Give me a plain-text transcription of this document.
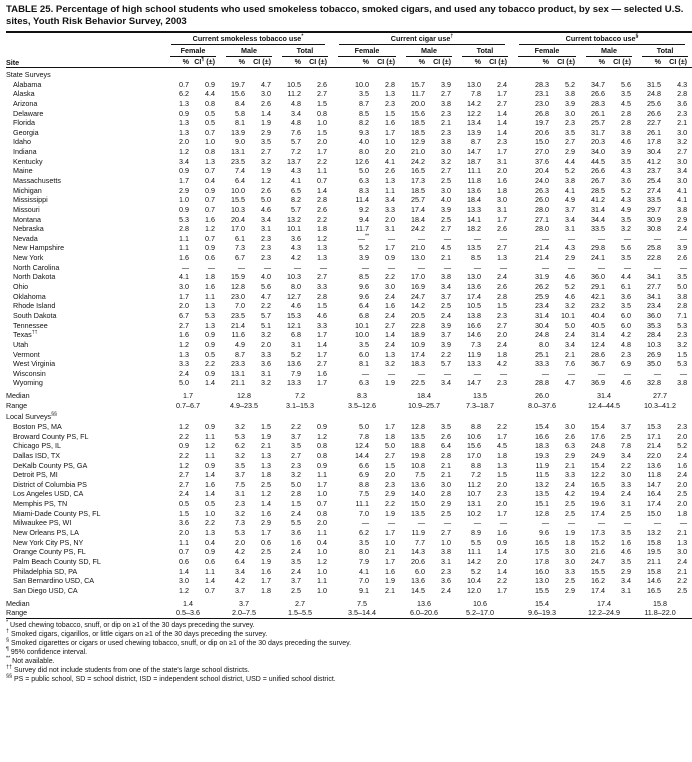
TABLE 25. Percentage of high school students who used smokeless tobacco, smoked cigars, and used any tobacco product, by sex — selected U.S. sites, Youth Risk Behavior Survey, 2003
Site	Current smokeless tobacco use*						Current cigar use†						Current tobacco use§

	Female		Male		Total		Female		Male		Total		Female		Male		Total	

	%	CI¶ (±)	%	CI (±)	%	CI (±)	%	CI (±)	%	CI (±)	%	CI (±)	%	CI (±)	%	CI (±)	%	CI (±)
State Surveys																		
Alabama	0.7	0.9	19.7	4.7	10.5	2.6	10.0	2.8	15.7	3.9	13.0	2.4	28.3	5.2	34.7	5.6	31.5	4.3
Alaska	6.2	4.4	15.6	3.0	11.2	2.7	3.5	1.3	11.7	2.7	7.8	1.7	23.1	3.8	26.6	3.5	24.8	2.8
Arizona	1.3	0.8	8.4	2.6	4.8	1.5	8.7	2.3	20.0	3.8	14.2	2.7	23.0	3.9	28.3	4.5	25.6	3.6
Delaware	0.9	0.5	5.8	1.4	3.4	0.8	8.5	1.5	15.6	2.3	12.2	1.4	26.8	3.0	26.1	2.8	26.6	2.3
Florida	1.3	0.5	8.1	1.9	4.8	1.0	8.2	1.6	18.5	2.1	13.4	1.4	19.7	2.3	25.7	2.8	22.7	2.1
Georgia	1.3	0.7	13.9	2.9	7.6	1.5	9.3	1.7	18.5	2.3	13.9	1.4	20.6	3.5	31.7	3.8	26.1	3.0
Idaho	2.0	1.0	9.0	3.5	5.7	2.0	4.0	1.0	12.9	3.8	8.7	2.3	15.0	2.7	20.3	4.6	17.8	3.2
Indiana	1.2	0.8	13.1	2.7	7.2	1.7	8.0	2.0	21.0	3.0	14.7	1.7	27.0	2.9	34.0	3.9	30.4	2.7
Kentucky	3.4	1.3	23.5	3.2	13.7	2.2	12.6	4.1	24.2	3.2	18.7	3.1	37.6	4.4	44.5	3.5	41.2	3.0
Maine	0.9	0.7	7.4	1.9	4.3	1.1	5.0	2.6	16.5	2.7	11.1	2.0	20.4	5.2	26.6	4.3	23.7	3.4
Massachusetts	1.7	0.4	6.4	1.2	4.1	0.7	6.3	1.3	17.3	2.5	11.8	1.6	24.0	3.8	26.7	3.6	25.4	3.0
Michigan	2.9	0.9	10.0	2.6	6.5	1.4	8.3	1.1	18.5	3.0	13.6	1.8	26.3	4.1	28.5	5.2	27.4	4.1
Mississippi	1.0	0.7	15.5	5.0	8.2	2.8	11.4	3.4	25.7	4.0	18.4	3.0	26.0	4.9	41.2	4.3	33.5	4.1
Missouri	0.9	0.7	10.3	4.6	5.7	2.6	9.2	3.3	17.4	3.9	13.3	3.1	28.0	3.7	31.4	4.9	29.7	3.8
Montana	5.3	1.6	20.4	3.4	13.2	2.2	9.4	2.0	18.4	2.5	14.1	1.7	27.1	3.4	34.4	3.5	30.9	2.9
Nebraska	2.8	1.2	17.0	3.1	10.1	1.8	11.7	3.1	24.2	2.7	18.2	2.6	28.0	3.1	33.5	3.2	30.8	2.4
Nevada	1.1	0.7	6.1	2.3	3.6	1.2	—**	—	—	—	—	—	—	—	—	—	—	—
New Hampshire	1.1	0.9	7.3	2.3	4.3	1.3	5.2	1.7	21.0	4.5	13.5	2.7	21.4	4.3	29.8	5.6	25.8	3.9
New York	1.6	0.6	6.7	2.3	4.2	1.3	3.9	0.9	13.0	2.1	8.5	1.3	21.4	2.9	24.1	3.5	22.8	2.6
North Carolina	—	—	—	—	—	—	—	—	—	—	—	—	—	—	—	—	—	—
North Dakota	4.1	1.8	15.9	4.0	10.3	2.7	8.5	2.2	17.0	3.8	13.0	2.4	31.9	4.6	36.0	4.4	34.1	3.5
Ohio	3.0	1.6	12.8	5.6	8.0	3.3	9.6	3.0	16.9	3.4	13.6	2.6	26.2	5.2	29.1	6.1	27.7	5.0
Oklahoma	1.7	1.1	23.0	4.7	12.7	2.8	9.6	2.4	24.7	3.7	17.4	2.8	25.9	4.6	42.1	3.6	34.1	3.8
Rhode Island	2.0	1.3	7.0	2.2	4.6	1.5	6.4	1.6	14.2	2.5	10.5	1.5	23.4	3.2	23.2	3.5	23.4	2.8
South Dakota	6.7	5.3	23.5	5.7	15.3	4.6	6.8	2.4	20.5	2.4	13.8	2.3	31.4	10.1	40.4	6.0	36.0	7.1
Tennessee	2.7	1.3	21.4	5.1	12.1	3.3	10.1	2.7	22.8	3.9	16.6	2.7	30.4	5.0	40.5	6.0	35.3	5.3
Texas††	1.6	0.9	11.6	3.2	6.8	1.7	10.0	1.4	18.9	3.7	14.6	2.0	24.8	2.4	31.4	4.2	28.4	2.3
Utah	1.2	0.9	4.9	2.0	3.1	1.4	3.5	2.4	10.9	3.9	7.3	2.4	8.0	3.4	12.4	4.8	10.3	3.2
Vermont	1.3	0.5	8.7	3.3	5.2	1.7	6.0	1.3	17.4	2.2	11.9	1.8	25.1	2.1	28.6	2.3	26.9	1.5
West Virginia	3.3	2.2	23.3	3.6	13.6	2.7	8.1	3.2	18.3	5.7	13.3	4.2	33.3	7.6	36.7	6.9	35.0	5.3
Wisconsin	2.4	0.9	13.1	3.1	7.9	1.6	—	—	—	—	—	—	—	—	—	—	—	—
Wyoming	5.0	1.4	21.1	3.2	13.3	1.7	6.3	1.9	22.5	3.4	14.7	2.3	28.8	4.7	36.9	4.6	32.8	3.8
Median	1.7		12.8		7.2		8.3		18.4		13.5		26.0		31.4		27.7	
Range	0.7–6.7		4.9–23.5		3.1–15.3		3.5–12.6		10.9–25.7		7.3–18.7		8.0–37.6		12.4–44.5		10.3–41.2	
Local Surveys§§
Boston PS, MA	1.2	0.9	3.2	1.5	2.2	0.9	5.0	1.7	12.8	3.5	8.8	2.2	15.4	3.0	15.4	3.7	15.3	2.3
Broward County PS, FL	2.2	1.1	5.3	1.9	3.7	1.2	7.8	1.8	13.5	2.6	10.6	1.7	16.6	2.6	17.6	2.5	17.1	2.0
Chicago PS, IL	0.9	1.2	6.2	2.1	3.5	0.8	12.4	5.0	18.8	6.4	15.6	4.5	18.3	6.3	24.8	7.8	21.4	5.2
Dallas ISD, TX	2.2	1.1	3.2	1.3	2.7	0.8	14.4	2.7	19.8	2.8	17.0	1.8	19.3	2.9	24.9	3.4	22.0	2.4
DeKalb County PS, GA	1.2	0.9	3.5	1.3	2.3	0.9	6.6	1.5	10.8	2.1	8.8	1.3	11.9	2.1	15.4	2.2	13.6	1.6
Detroit PS, MI	2.7	1.4	3.7	1.8	3.2	1.1	6.9	2.0	7.5	2.1	7.2	1.5	11.5	3.3	12.2	3.0	11.8	2.4
District of Columbia PS	2.7	1.6	7.5	2.5	5.0	1.7	8.8	2.3	13.6	3.0	11.2	2.0	13.2	2.4	16.5	3.3	14.7	2.0
Los Angeles USD, CA	2.4	1.4	3.1	1.2	2.8	1.0	7.5	2.9	14.0	2.8	10.7	2.3	13.5	4.2	19.4	2.4	16.4	2.5
Memphis PS, TN	0.5	0.5	2.3	1.4	1.5	0.7	11.1	2.2	15.0	2.9	13.1	2.0	15.1	2.5	19.6	3.1	17.4	2.0
Miami-Dade County PS, FL	1.5	1.0	3.2	1.6	2.4	0.8	7.0	1.9	13.5	2.5	10.2	1.7	12.8	2.5	17.4	2.5	15.0	1.8
Milwaukee PS, WI	3.6	2.2	7.3	2.9	5.5	2.0	—	—	—	—	—	—	—	—	—	—	—	—
New Orleans PS, LA	2.0	1.3	5.3	1.7	3.6	1.1	6.2	1.7	11.9	2.7	8.9	1.6	9.6	1.9	17.3	3.5	13.2	2.1
New York City PS, NY	1.1	0.4	2.0	0.6	1.6	0.4	3.5	1.0	7.7	1.0	5.5	0.9	16.5	1.8	15.2	1.6	15.8	1.3
Orange County PS, FL	0.7	0.9	4.2	2.5	2.4	1.0	8.0	2.1	14.3	3.8	11.1	1.4	17.5	3.0	21.6	4.6	19.5	3.0
Palm Beach County SD, FL	0.6	0.6	6.4	1.9	3.5	1.2	7.9	1.7	20.6	3.1	14.2	2.0	17.8	3.0	24.7	3.5	21.1	2.4
Philadelphia SD, PA	1.4	1.1	3.4	1.6	2.4	1.0	4.1	1.6	6.0	2.3	5.2	1.4	16.0	3.3	15.5	2.9	15.8	2.1
San Bernardino USD, CA	3.0	1.4	4.2	1.7	3.7	1.1	7.0	1.9	13.6	3.6	10.4	2.2	13.0	2.5	16.2	3.4	14.6	2.2
San Diego USD, CA	1.2	0.7	3.7	1.8	2.5	1.0	9.1	2.1	14.5	2.4	12.0	1.7	15.5	2.9	17.4	3.1	16.5	2.5
Median	1.4		3.7		2.7		7.5		13.6		10.6		15.4		17.4		15.8	
Range	0.5–3.6		2.0–7.5		1.5–5.5		3.5–14.4		6.0–20.6		5.2–17.0		9.6–19.3		12.2–24.9		11.8–22.0	
* Used chewing tobacco, snuff, or dip on ≥1 of the 30 days preceding the survey.
† Smoked cigars, cigarillos, or little cigars on ≥1 of the 30 days preceding the survey.
§ Smoked cigarettes or cigars or used chewing tobacco, snuff, or dip on ≥1 of the 30 days preceding the survey.
¶ 95% confidence interval.
** Not available.
†† Survey did not include students from one of the state's large school districts.
§§ PS = public school, SD = school district, ISD = independent school district, USD = unified school district.
